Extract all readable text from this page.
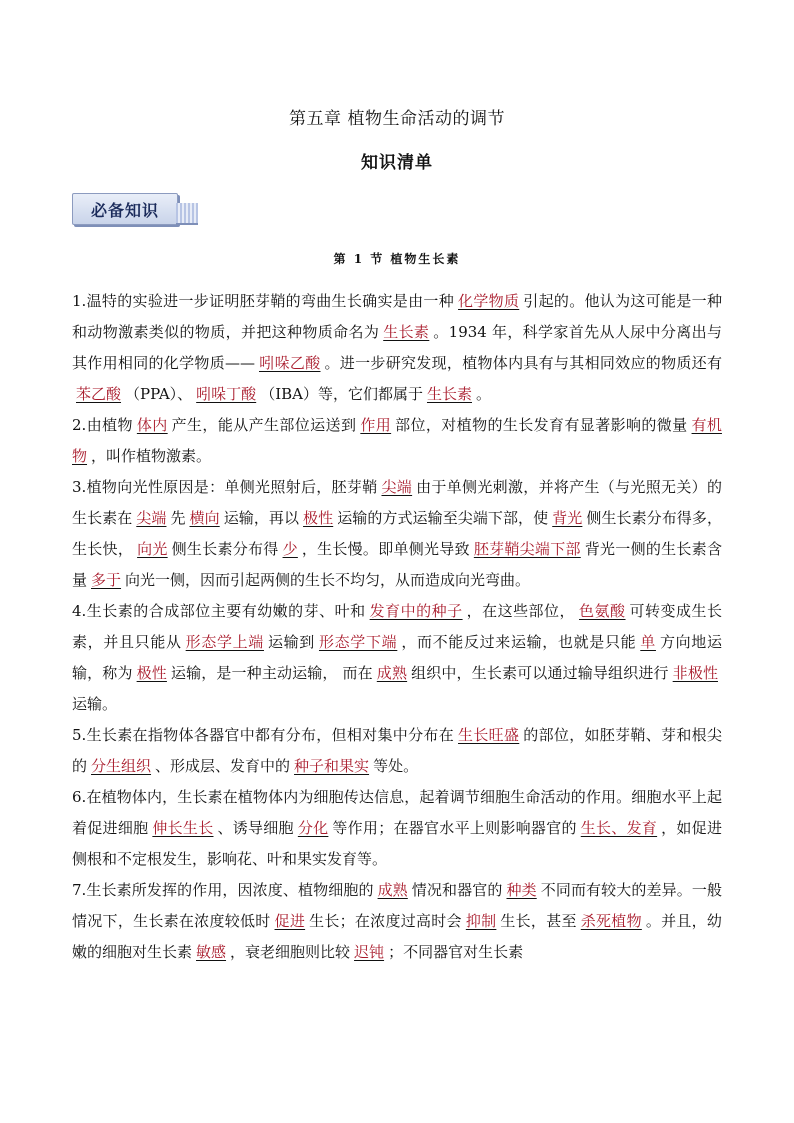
第五章 植物生命活动的调节
知识清单
必备知识
第 1 节 植物生长素

1.温特的实验进一步证明胚芽鞘的弯曲生长确实是由一种 化学物质 引起的。他认为这可能是一种和动物激素类似的物质，并把这种物质命名为 生长素 。1934 年，科学家首先从人尿中分离出与其作用相同的化学物质—— 吲哚乙酸 。进一步研究发现，植物体内具有与其相同效应的物质还有苯乙酸 （PPA）、 吲哚丁酸 （IBA）等，它们都属于 生长素 。

2.由植物 体内 产生，能从产生部位运送到 作用 部位，对植物的生长发育有显著影响的微量 有机物 ，叫作植物激素。

3.植物向光性原因是：单侧光照射后，胚芽鞘 尖端 由于单侧光刺激，并将产生（与光照无关）的生长素在 尖端 先 横向 运输，再以 极性 运输的方式运输至尖端下部，使 背光 侧生长素分布得多，生长快， 向光 侧生长素分布得 少 ，生长慢。即单侧光导致 胚芽鞘尖端下部 背光一侧的生长素含量 多于 向光一侧，因而引起两侧的生长不均匀，从而造成向光弯曲。

4.生长素的合成部位主要有幼嫩的芽、叶和 发育中的种子 ，在这些部位， 色氨酸 可转变成生长素，并且只能从 形态学上端 运输到 形态学下端 ，而不能反过来运输，也就是只能 单 方向地运输，称为 极性 运输，是一种主动运输， 而在 成熟 组织中，生长素可以通过输导组织进行 非极性运输。

5.生长素在指物体各器官中都有分布，但相对集中分布在 生长旺盛 的部位，如胚芽鞘、芽和根尖的 分生组织 、形成层、发育中的 种子和果实 等处。

6.在植物体内，生长素在植物体内为细胞传达信息，起着调节细胞生命活动的作用。细胞水平上起着促进细胞 伸长生长 、诱导细胞 分化 等作用；在器官水平上则影响器官的 生长、发育 ，如促进侧根和不定根发生，影响花、叶和果实发育等。

7.生长素所发挥的作用，因浓度、植物细胞的 成熟 情况和器官的 种类 不同而有较大的差异。一般情况下，生长素在浓度较低时 促进 生长；在浓度过高时会 抑制 生长，甚至 杀死植物 。并且，幼嫩的细胞对生长素 敏感 ，衰老细胞则比较 迟钝 ；不同器官对生长素
